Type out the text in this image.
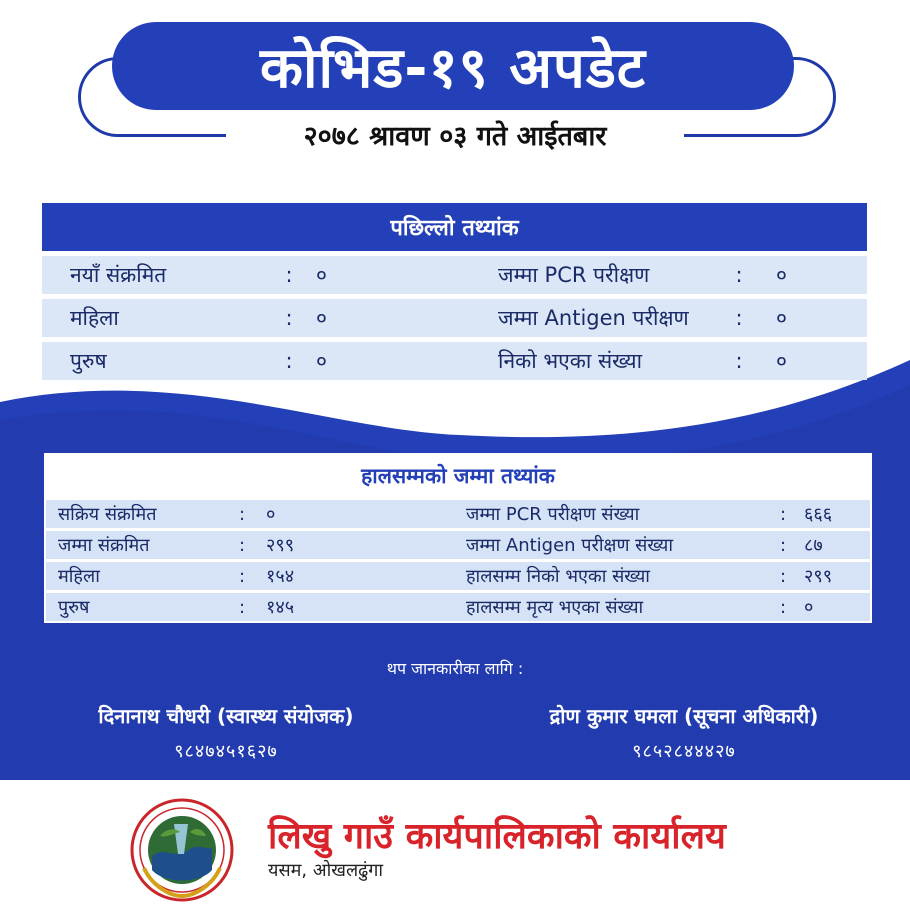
कोभिड-१९ अपडेट
२०७८ श्रावण ०३ गते आईतबार
पछिल्लो तथ्यांक
नयाँ संक्रमित	:	०	जम्मा PCR परीक्षण	:	०
महिला	:	०	जम्मा Antigen परीक्षण	:	०
पुरुष	:	०	निको भएका संख्या	:	०
हालसम्मको जम्मा तथ्यांक
सक्रिय संक्रमित	:	०	जम्मा PCR परीक्षण संख्या	: ६६६
जम्मा संक्रमित	:	२९९	जम्मा Antigen परीक्षण संख्या	: ८७
महिला	:	१५४	हालसम्म निको भएका संख्या	: २९९
पुरुष	:	१४५	हालसम्म मृत्य भएका संख्या	: ०
थप जानकारीका लागि :
दिनानाथ चौधरी (स्वास्थ्य संयोजक)
९८४७४५१६२७
द्रोण कुमार घमला (सूचना अधिकारी)
९८५२८४४४२७
लिखु गाउँ कार्यपालिकाको कार्यालय
यसम, ओखलढुंगा
